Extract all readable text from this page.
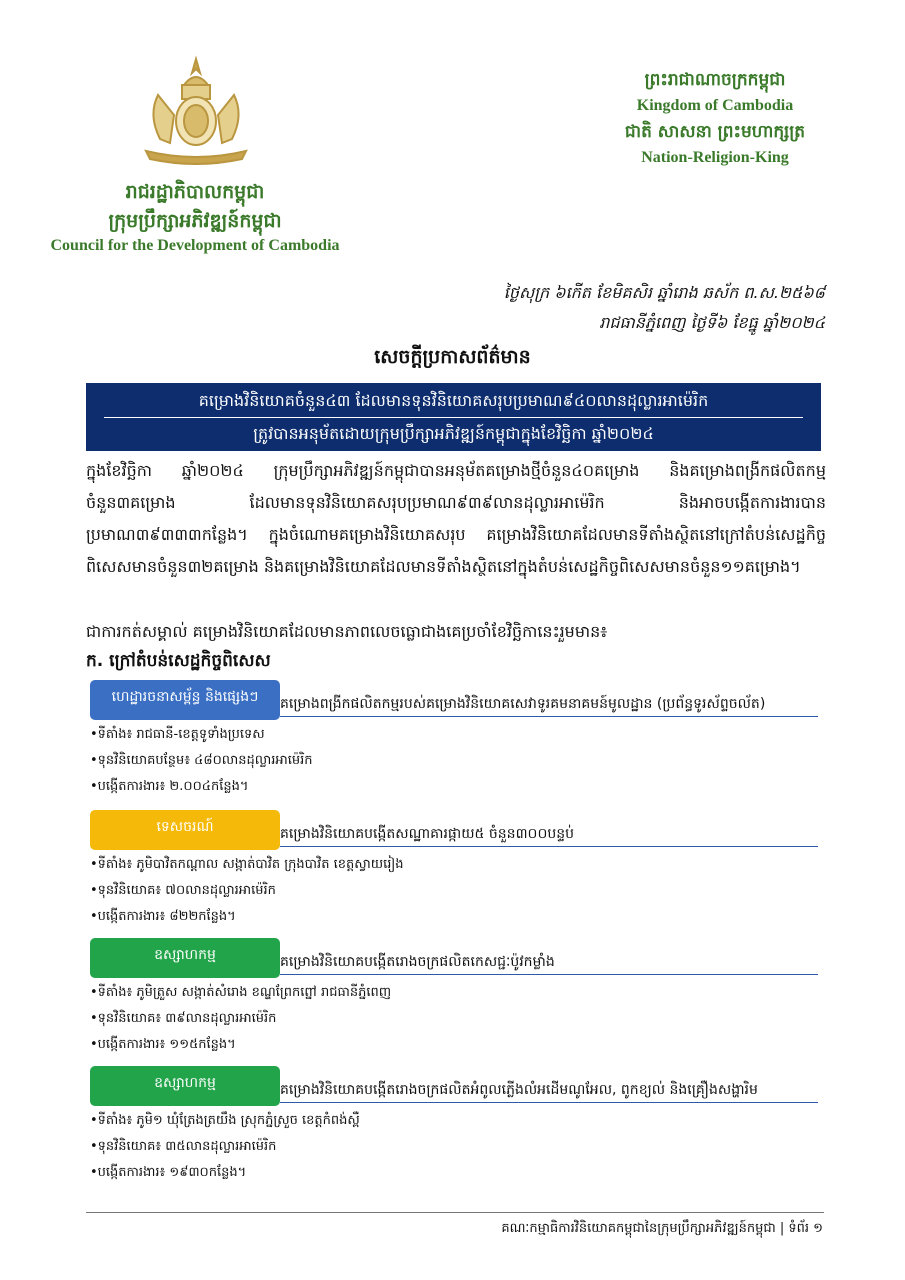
រាជរដ្ឋាភិបាលកម្ពុជា
ក្រុមប្រឹក្សាអភិវឌ្ឍន៍កម្ពុជា
Council for the Development of Cambodia
ព្រះរាជាណាចក្រកម្ពុជា
Kingdom of Cambodia
ជាតិ សាសនា ព្រះមហាក្សត្រ
Nation-Religion-King
ថ្ងៃសុក្រ ៦កើត ខែមិគសិរ ឆ្នាំរោង ឆស័ក ព.ស.២៥៦៨
រាជធានីភ្នំពេញ ថ្ងៃទី៦ ខែធ្នូ ឆ្នាំ២០២៤
សេចក្តីប្រកាសព័ត៌មាន
គម្រោងវិនិយោគចំនួន៤៣ ដែលមានទុនវិនិយោគសរុបប្រមាណ៩៤០លានដុល្លារអាម៉េរិក
ត្រូវបានអនុម័តដោយក្រុមប្រឹក្សាអភិវឌ្ឍន៍កម្ពុជាក្នុងខែវិច្ឆិកា ឆ្នាំ២០២៤
ក្នុងខែវិច្ឆិកា ឆ្នាំ២០២៤ ក្រុមប្រឹក្សាអភិវឌ្ឍន៍កម្ពុជាបានអនុម័តគម្រោងថ្មីចំនួន៤០គម្រោង និងគម្រោងពង្រីកផលិតកម្មចំនួន៣គម្រោង ដែលមានទុនវិនិយោគសរុបប្រមាណ៩៣៩លានដុល្លារអាម៉េរិក និងអាចបង្កើតការងារបានប្រមាណ៣៩៣៣៣កន្លែង។ ក្នុងចំណោមគម្រោងវិនិយោគសរុប គម្រោងវិនិយោគដែលមានទីតាំងស្ថិតនៅក្រៅតំបន់សេដ្ឋកិច្ចពិសេសមានចំនួន៣២គម្រោង និងគម្រោងវិនិយោគដែលមានទីតាំងស្ថិតនៅក្នុងតំបន់សេដ្ឋកិច្ចពិសេសមានចំនួន១១គម្រោង។
ជាការកត់សម្គាល់ គម្រោងវិនិយោគដែលមានភាពលេចធ្លោជាងគេប្រចាំខែវិច្ឆិកានេះរួមមាន៖
ក. ក្រៅតំបន់សេដ្ឋកិច្ចពិសេស
ហេដ្ឋារចនាសម្ព័ន្ធ និងផ្សេងៗ	គម្រោងពង្រីកផលិតកម្មរបស់គម្រោងវិនិយោគសេវាទូរគមនាគមន៍មូលដ្ឋាន (ប្រព័ន្ធទូរស័ព្ទចល័ត)
•ទីតាំង៖ រាជធានី-ខេត្តទូទាំងប្រទេស
•ទុនវិនិយោគបន្ថែម៖ ៤៨០លានដុល្លារអាម៉េរិក
•បង្កើតការងារ៖ ២.០០៤កន្លែង។
ទេសចរណ៍	គម្រោងវិនិយោគបង្កើតសណ្ឋាគារផ្កាយ៥ ចំនួន៣០០បន្ទប់
•ទីតាំង៖ ភូមិបាវិតកណ្តាល សង្កាត់បាវិត ក្រុងបាវិត ខេត្តស្វាយរៀង
•ទុនវិនិយោគ៖ ៧០លានដុល្លារអាម៉េរិក
•បង្កើតការងារ៖ ៨២២កន្លែង។
ឧស្សាហកម្ម	គម្រោងវិនិយោគបង្កើតរោងចក្រផលិតកេសជ្ជៈប៉ូវកម្លាំង
•ទីតាំង៖ ភូមិត្រួស សង្កាត់សំរោង ខណ្ឌព្រែកព្នៅ រាជធានីភ្នំពេញ
•ទុនវិនិយោគ៖ ៣៩លានដុល្លារអាម៉េរិក
•បង្កើតការងារ៖ ១១៥កន្លែង។
ឧស្សាហកម្ម	គម្រោងវិនិយោគបង្កើតរោងចក្រផលិតអំពូលភ្លើងលំអដើមណូអែល, ពូកខ្យល់ និងគ្រឿងសង្ហារិម
•ទីតាំង៖ ភូមិ១ ឃុំត្រែងត្រយឹង ស្រុកភ្នំស្រួច ខេត្តកំពង់ស្ពឺ
•ទុនវិនិយោគ៖ ៣៥លានដុល្លារអាម៉េរិក
•បង្កើតការងារ៖ ១៩៣០កន្លែង។
គណៈកម្មាធិការវិនិយោគកម្ពុជានៃក្រុមប្រឹក្សាអភិវឌ្ឍន៍កម្ពុជា | ទំព័រ ១
